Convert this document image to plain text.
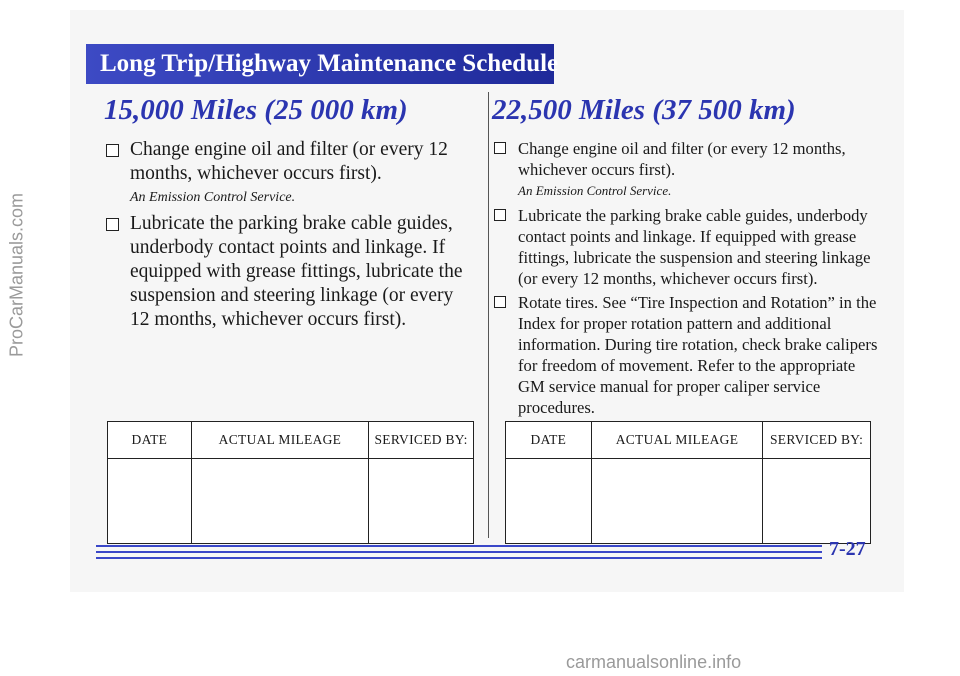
Long Trip/Highway Maintenance Schedule
15,000 Miles (25 000 km)
Change engine oil and filter (or every 12 months, whichever occurs first).
An Emission Control Service.
Lubricate the parking brake cable guides, underbody contact points and linkage. If equipped with grease fittings, lubricate the suspension and steering linkage (or every 12 months, whichever occurs first).
22,500 Miles (37 500 km)
Change engine oil and filter (or every 12 months, whichever occurs first).
An Emission Control Service.
Lubricate the parking brake cable guides, underbody contact points and linkage. If equipped with grease fittings, lubricate the suspension and steering linkage (or every 12 months, whichever occurs first).
Rotate tires. See “Tire Inspection and Rotation” in the Index for proper rotation pattern and additional information. During tire rotation, check brake calipers for freedom of movement. Refer to the appropriate GM service manual for proper caliper service procedures.
DATE	ACTUAL MILEAGE	SERVICED BY:
			DATE	ACTUAL MILEAGE	SERVICED BY:

7-27
ProCarManuals.com
carmanualsonline.info
